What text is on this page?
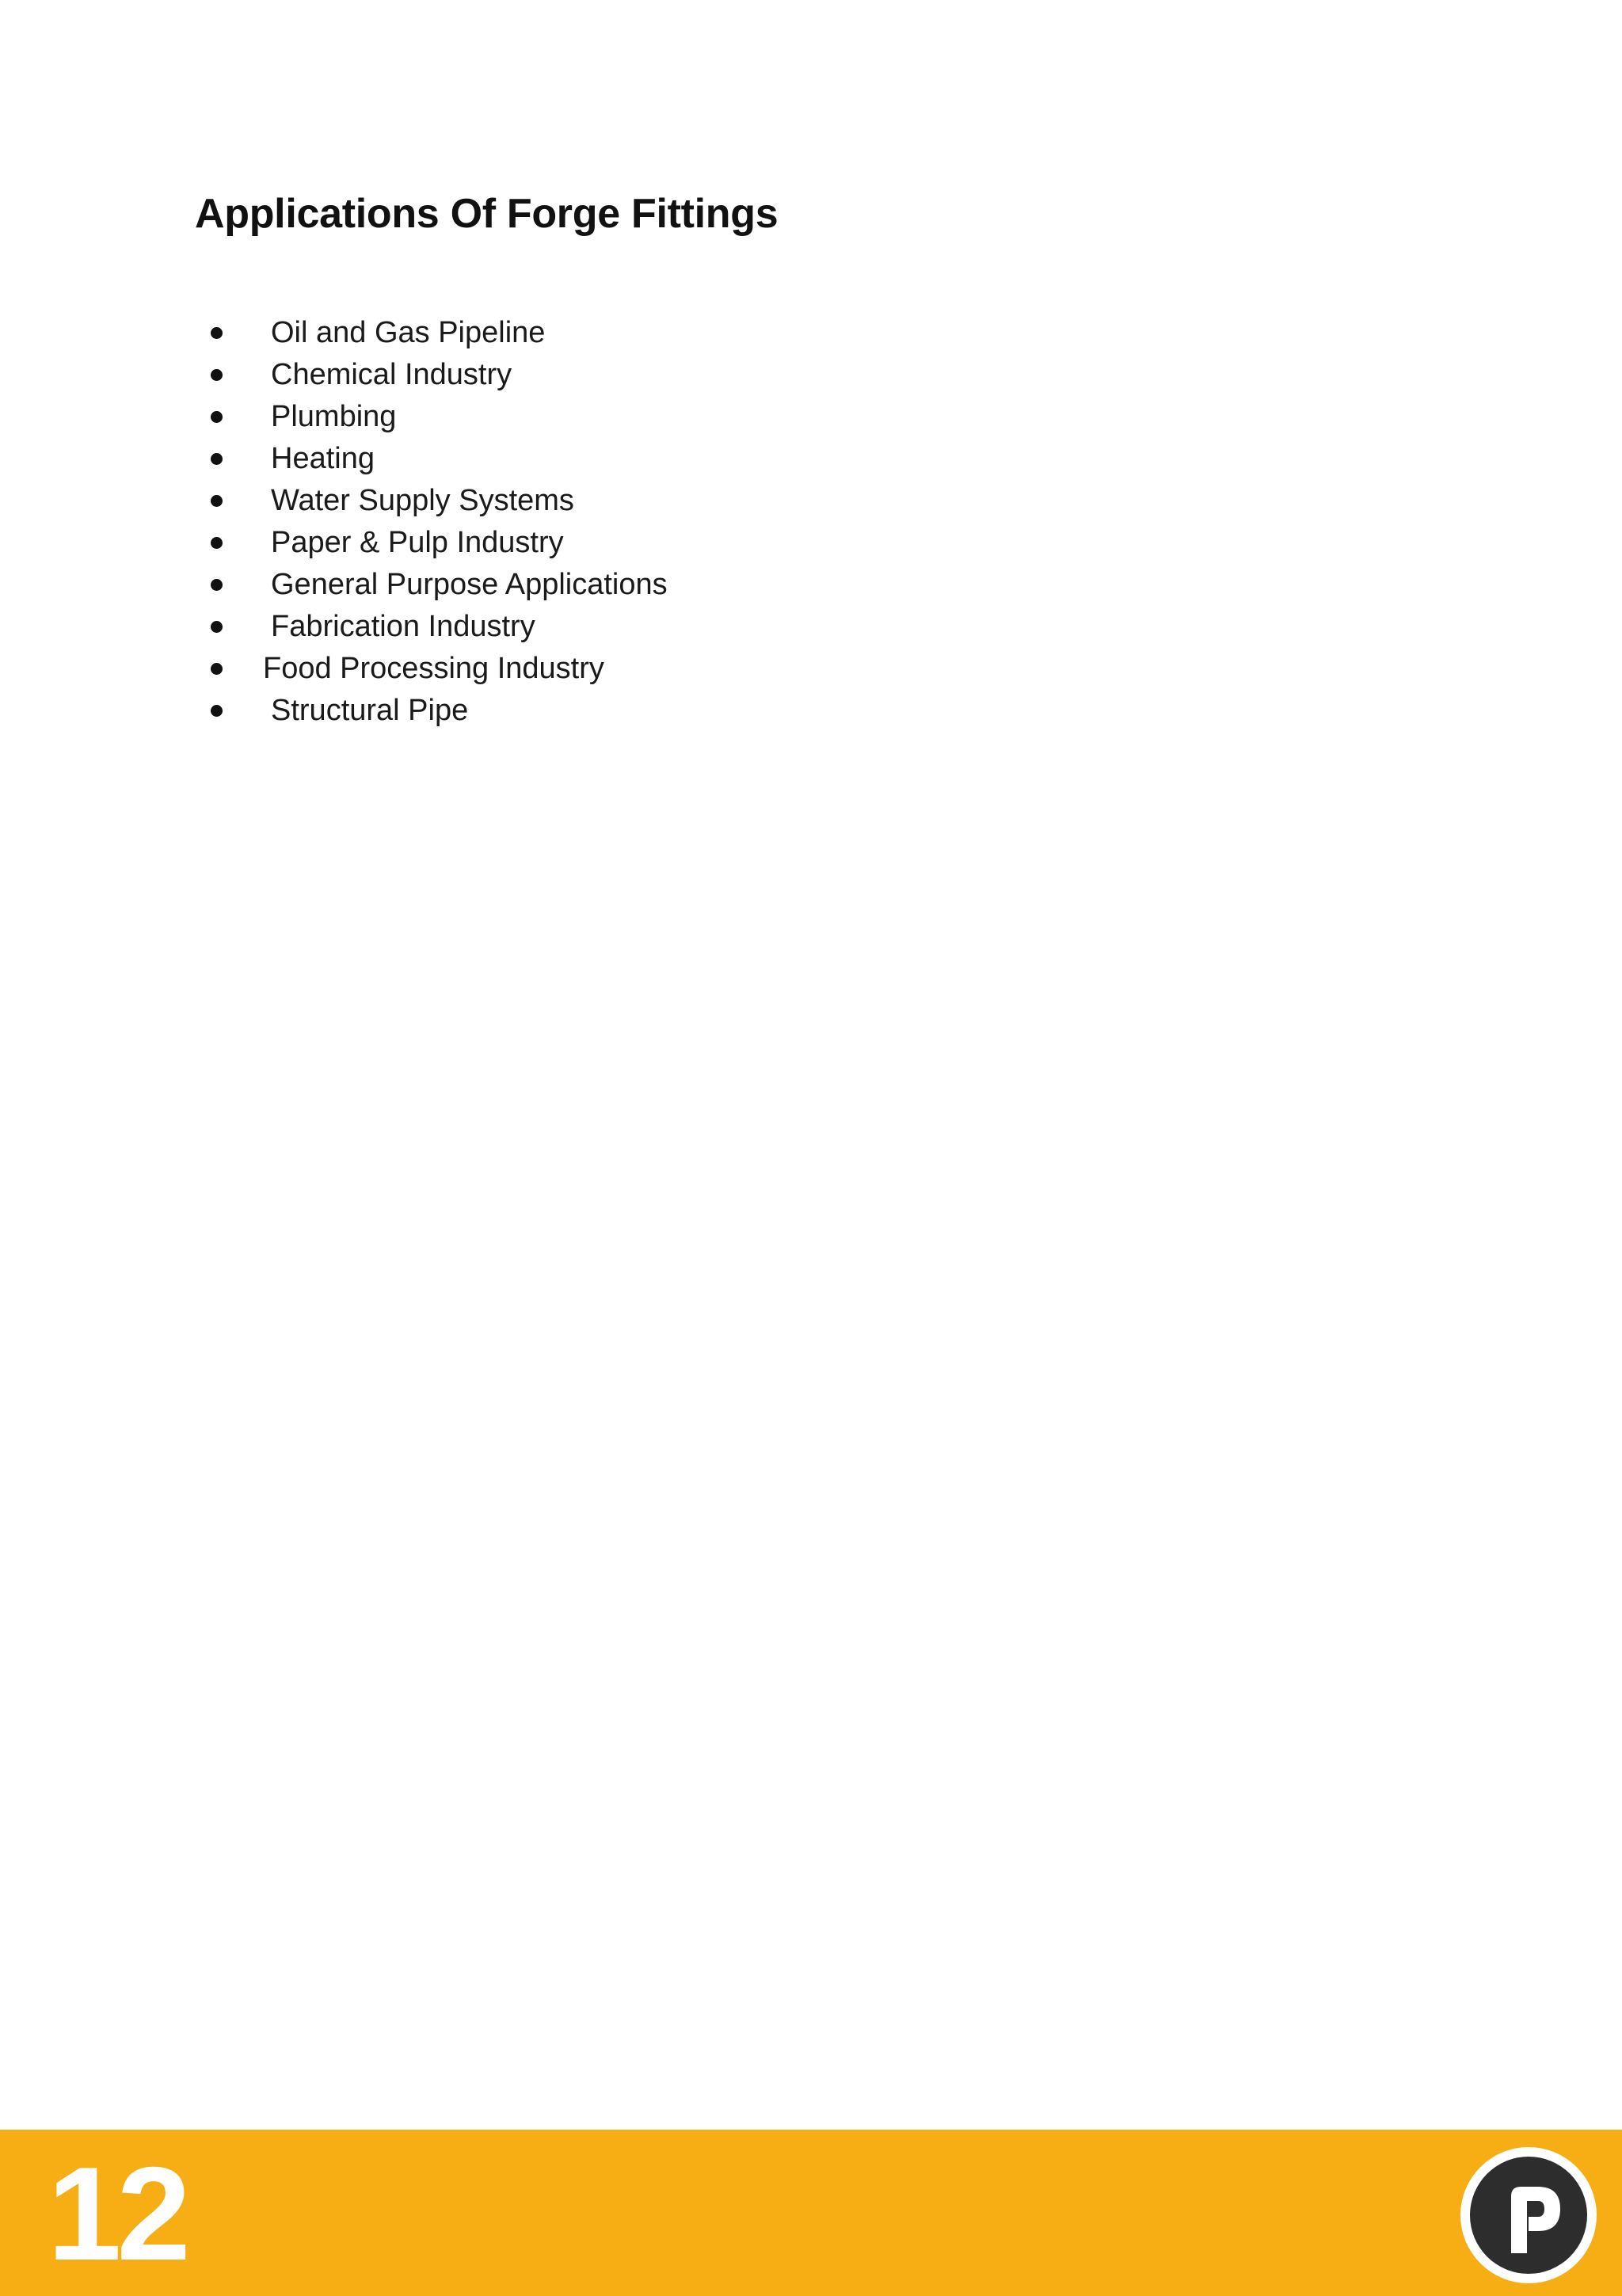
Applications Of Forge Fittings
Oil and Gas Pipeline
Chemical Industry
Plumbing
Heating
Water Supply Systems
Paper & Pulp Industry
General Purpose Applications
Fabrication Industry
Food Processing Industry
Structural Pipe
12
